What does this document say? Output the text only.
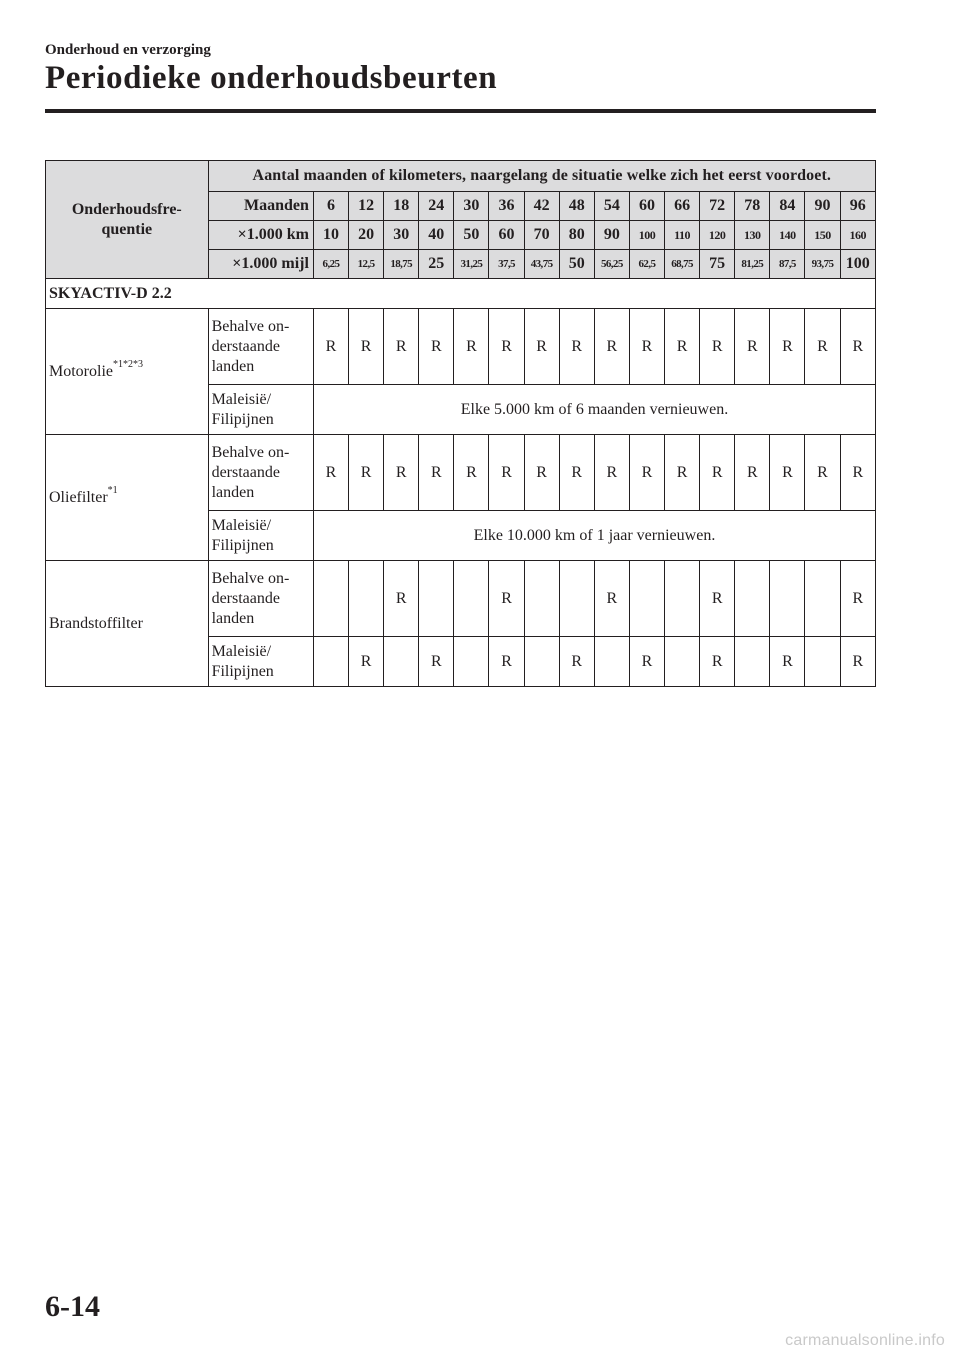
Onderhoud en verzorging
Periodieke onderhoudsbeurten
Onderhoudsfre-
quentie	Aantal maanden of kilometers, naargelang de situatie welke zich het eerst voordoet.																
	Maanden	6	12	18	24	30	36	42	48	54	60	66	72	78	84	90	96
	×1.000 km	10	20	30	40	50	60	70	80	90	100	110	120	130	140	150	160
	×1.000 mijl	6,25	12,5	18,75	25	31,25	37,5	43,75	50	56,25	62,5	68,75	75	81,25	87,5	93,75	100
SKYACTIV-D 2.2																	
Motorolie$^{*1*2*3}$	Behalve on-
derstaande
landen	R	R	R	R	R	R	R	R	R	R	R	R	R	R	R	R
	Maleisië/
Filipijnen	Elke 5.000 km of 6 maanden vernieuwen.															
Oliefilter$^{*1}$	Behalve on-
derstaande
landen	R	R	R	R	R	R	R	R	R	R	R	R	R	R	R	R
	Maleisië/
Filipijnen	Elke 10.000 km of 1 jaar vernieuwen.															
Brandstoffilter	Behalve on-
derstaande
landen			R			R			R			R				R
	Maleisië/
Filipijnen		R		R		R		R		R		R		R		R
6-14
carmanualsonline.info
